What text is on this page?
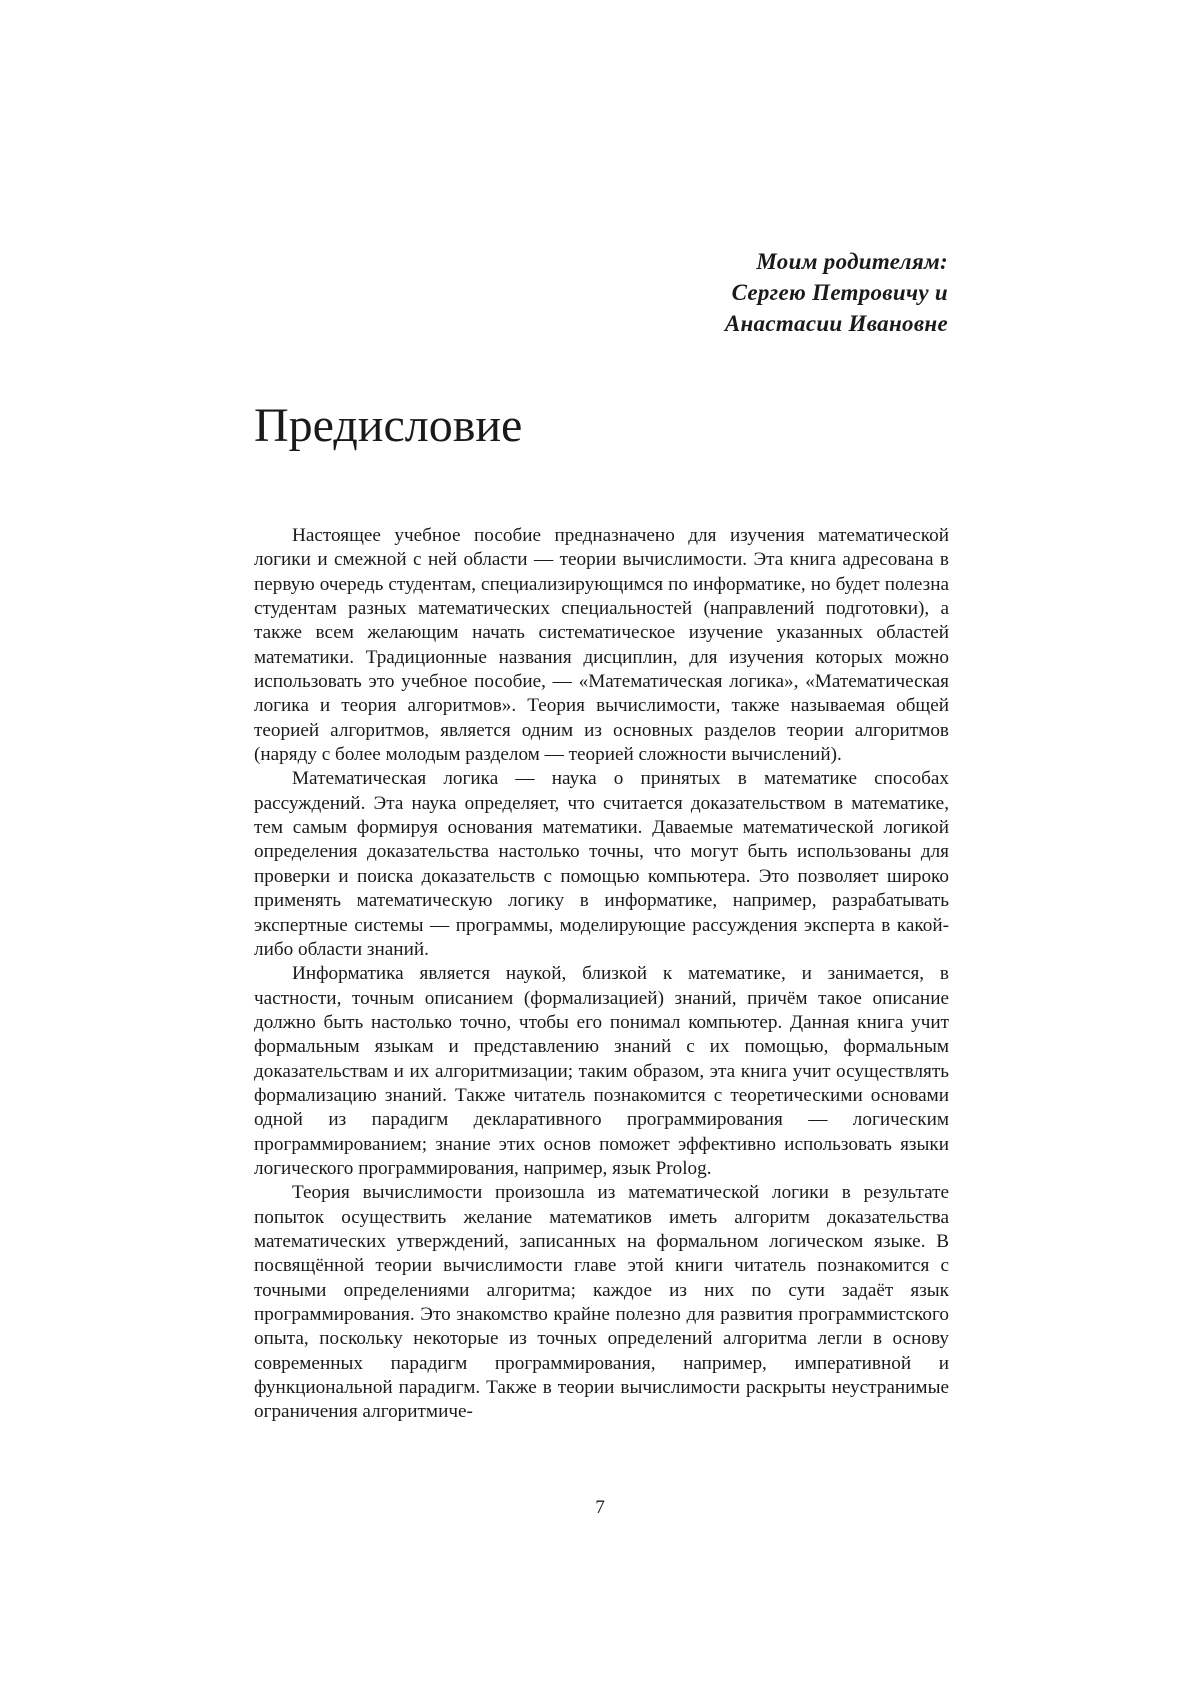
Моим родителям:
Сергею Петровичу и
Анастасии Ивановне
Предисловие

Настоящее учебное пособие предназначено для изучения математической логики и смежной с ней области — теории вычислимости. Эта книга адресована в первую очередь студентам, специализирующимся по информатике, но будет полезна студентам разных математических специальностей (направлений подготовки), а также всем желающим начать систематическое изучение указанных областей математики. Традиционные названия дисциплин, для изучения которых можно использовать это учебное пособие, — «Математическая логика», «Математическая логика и теория алгоритмов». Теория вычислимости, также называемая общей теорией алгоритмов, является одним из основных разделов теории алгоритмов (наряду с более молодым разделом — теорией сложности вычислений).

Математическая логика — наука о принятых в математике способах рассуждений. Эта наука определяет, что считается доказательством в математике, тем самым формируя основания математики. Даваемые математической логикой определения доказательства настолько точны, что могут быть использованы для проверки и поиска доказательств с помощью компьютера. Это позволяет широко применять математическую логику в информатике, например, разрабатывать экспертные системы — программы, моделирующие рассуждения эксперта в какой-либо области знаний.

Информатика является наукой, близкой к математике, и занимается, в частности, точным описанием (формализацией) знаний, причём такое описание должно быть настолько точно, чтобы его понимал компьютер. Данная книга учит формальным языкам и представлению знаний с их помощью, формальным доказательствам и их алгоритмизации; таким образом, эта книга учит осуществлять формализацию знаний. Также читатель познакомится с теоретическими основами одной из парадигм декларативного программирования — логическим программированием; знание этих основ поможет эффективно использовать языки логического программирования, например, язык Prolog.

Теория вычислимости произошла из математической логики в результате попыток осуществить желание математиков иметь алгоритм доказательства математических утверждений, записанных на формальном логическом языке. В посвящённой теории вычислимости главе этой книги читатель познакомится с точными определениями алгоритма; каждое из них по сути задаёт язык программирования. Это знакомство крайне полезно для развития программистского опыта, поскольку некоторые из точных определений алгоритма легли в основу современных парадигм программирования, например, императивной и функциональной парадигм. Также в теории вычислимости раскрыты неустранимые ограничения алгоритмиче-

7
